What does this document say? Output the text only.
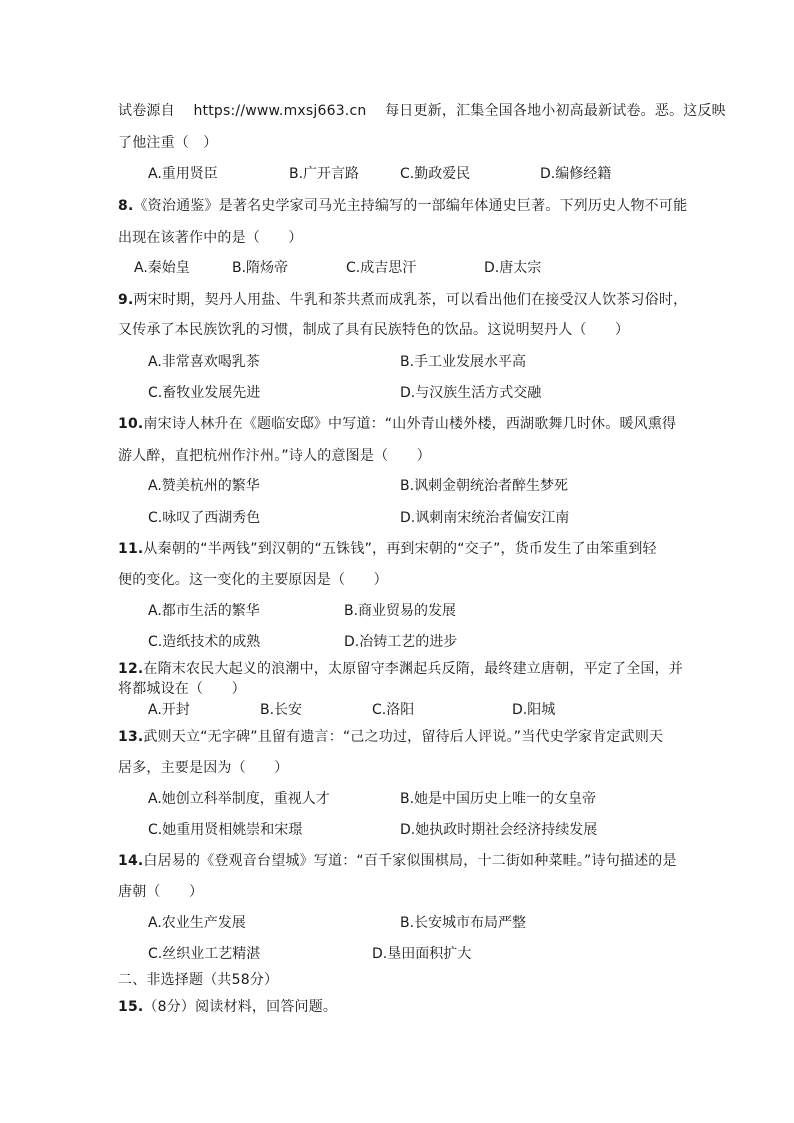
试卷源自 https://www.mxsj663.cn 每日更新，汇集全国各地小初高最新试卷。恶。这反映
了他注重（　）
A.重用贤臣	B.广开言路	C.勤政爱民	D.编修经籍
8.《资治通鉴》是著名史学家司马光主持编写的一部编年体通史巨著。下列历史人物不可能
出现在该著作中的是（　　）
A.秦始皇	B.隋炀帝	C.成吉思汗	D.唐太宗
9.两宋时期，契丹人用盐、牛乳和茶共煮而成乳茶，可以看出他们在接受汉人饮茶习俗时，
又传承了本民族饮乳的习惯，制成了具有民族特色的饮品。这说明契丹人（　　）
A.非常喜欢喝乳茶	B.手工业发展水平高
C.畜牧业发展先进	D.与汉族生活方式交融
10.南宋诗人林升在《题临安邸》中写道：“山外青山楼外楼，西湖歌舞几时休。暖风熏得
游人醉，直把杭州作汴州。”诗人的意图是（　　）
A.赞美杭州的繁华	B.讽刺金朝统治者醉生梦死
C.咏叹了西湖秀色	D.讽刺南宋统治者偏安江南
11.从秦朝的“半两钱”到汉朝的“五铢钱”，再到宋朝的“交子”，货币发生了由笨重到轻
便的变化。这一变化的主要原因是（　　）
A.都市生活的繁华	B.商业贸易的发展
C.造纸技术的成熟	D.冶铸工艺的进步
12.在隋末农民大起义的浪潮中，太原留守李渊起兵反隋，最终建立唐朝，平定了全国，并
将都城设在（　　）
A.开封	B.长安	C.洛阳	D.阳城
13.武则天立“无字碑”且留有遗言：“己之功过，留待后人评说。”当代史学家肯定武则天
居多，主要是因为（　　）
A.她创立科举制度，重视人才	B.她是中国历史上唯一的女皇帝
C.她重用贤相姚崇和宋璟	D.她执政时期社会经济持续发展
14.白居易的《登观音台望城》写道：“百千家似围棋局，十二街如种菜畦。”诗句描述的是
唐朝（　　）
A.农业生产发展	B.长安城市布局严整
C.丝织业工艺精湛	D.垦田面积扩大
二、非选择题（共58分）
15.（8分）阅读材料，回答问题。
